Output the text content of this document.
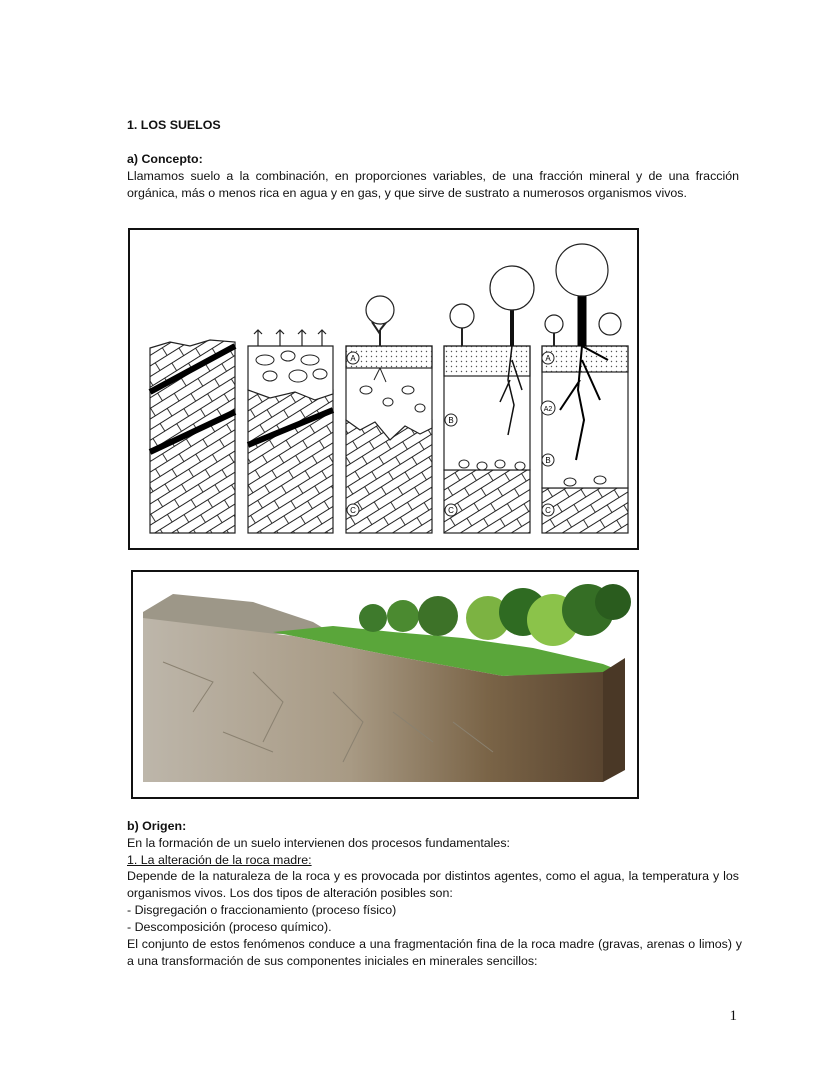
1. LOS SUELOS
a) Concepto:
Llamamos suelo a la combinación, en proporciones variables, de una fracción mineral y de una fracción orgánica, más o menos rica en agua y en gas, y que sirve de sustrato a numerosos organismos vivos.
A
C
B
C
A
A2
B
C
b) Origen:
En la formación de un suelo intervienen dos procesos fundamentales:
1. La alteración de la roca madre:
Depende de la naturaleza de la roca y es provocada por distintos agentes, como el agua, la temperatura y los organismos vivos. Los dos tipos de alteración posibles son:
- Disgregación o fraccionamiento (proceso físico)
- Descomposición (proceso químico).
El conjunto de estos fenómenos conduce a una fragmentación fina de la roca madre (gravas, arenas o limos) y a una transformación de sus componentes iniciales en minerales sencillos:
1
